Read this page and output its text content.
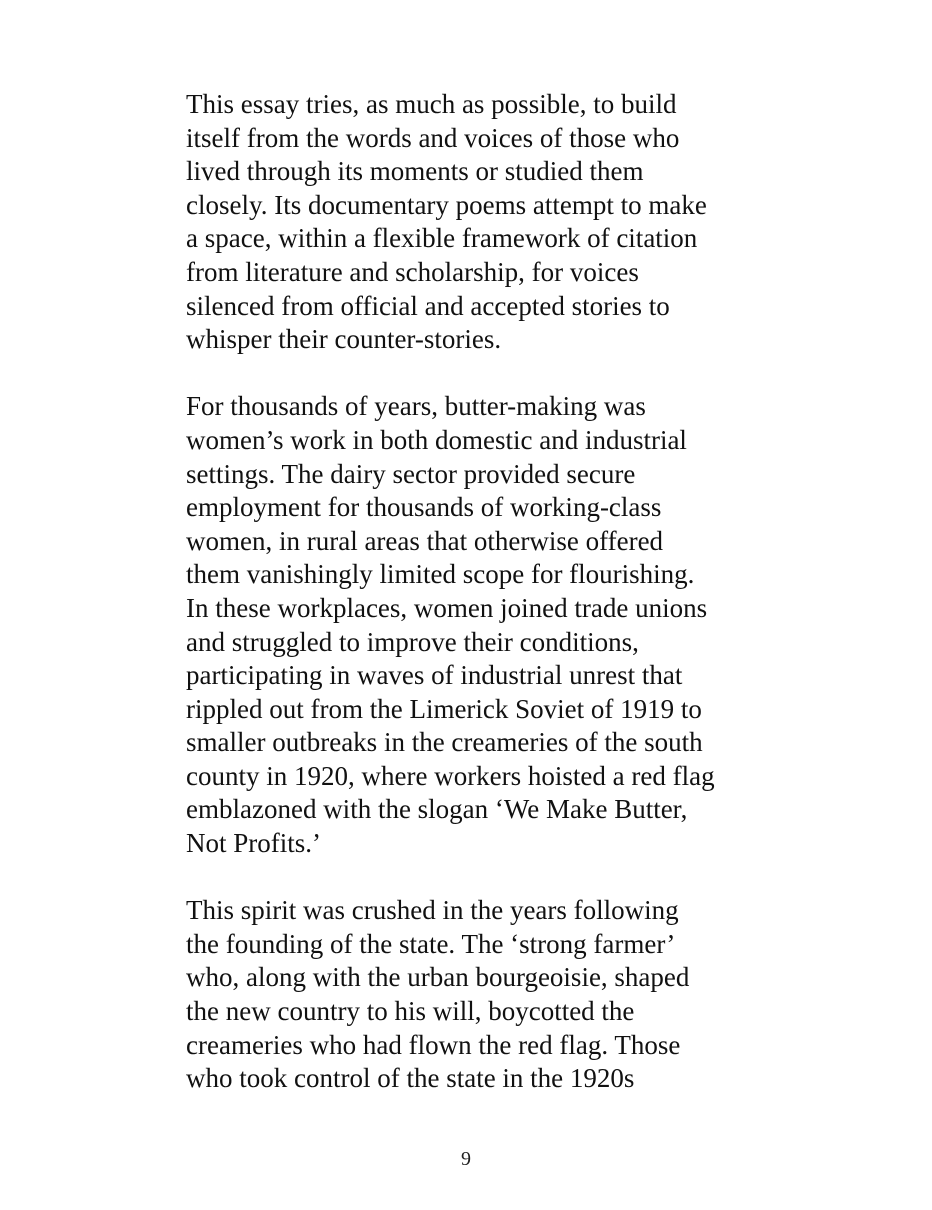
This essay tries, as much as possible, to build
itself from the words and voices of those who
lived through its moments or studied them
closely. Its documentary poems attempt to make
a space, within a flexible framework of citation
from literature and scholarship, for voices
silenced from official and accepted stories to
whisper their counter-stories.

For thousands of years, butter-making was
women’s work in both domestic and industrial
settings. The dairy sector provided secure
employment for thousands of working-class
women, in rural areas that otherwise offered
them vanishingly limited scope for flourishing.
In these workplaces, women joined trade unions
and struggled to improve their conditions,
participating in waves of industrial unrest that
rippled out from the Limerick Soviet of 1919 to
smaller outbreaks in the creameries of the south
county in 1920, where workers hoisted a red flag
emblazoned with the slogan ‘We Make Butter,
Not Profits.’

This spirit was crushed in the years following
the founding of the state. The ‘strong farmer’
who, along with the urban bourgeoisie, shaped
the new country to his will, boycotted the
creameries who had flown the red flag. Those
who took control of the state in the 1920s

9
